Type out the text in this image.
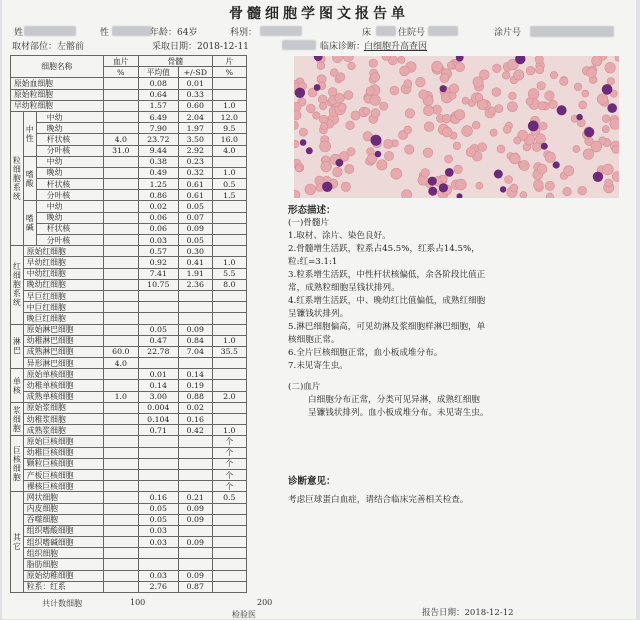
骨髓细胞学图文报告单
姓	性	年龄：64岁	科别：	床	住院号	涂片号
取材部位：左髂前	采取日期：2018-12-11	临床诊断：
白细胞升高查因
细胞名称			血片	骨髓		片
			%	平均值	+/-SD	%
原始血细胞				0.08	0.01	
原始粒细胞				0.64	0.33	
早幼粒细胞				1.57	0.60	1.0
粒细胞系统	中性	中幼		6.49	2.04	12.0
		晚幼		7.90	1.97	9.5
		杆状核	4.0	23.72	3.50	16.0
		分叶核	31.0	9.44	2.92	4.0
	嗜酸	中幼		0.38	0.23	
		晚幼		0.49	0.32	1.0
		杆状核		1.25	0.61	0.5
		分叶核		0.86	0.61	1.5
	嗜碱	中幼		0.02	0.05	
		晚幼		0.06	0.07	
		杆状核		0.06	0.09	
		分叶核		0.03	0.05	
红细胞系统	原始红细胞			0.57	0.30	
	早幼红细胞			0.92	0.41	1.0
	中幼红细胞			7.41	1.91	5.5
	晚幼红细胞			10.75	2.36	8.0
	早巨红细胞					
	中巨红细胞					
	晚巨红细胞					
淋巴	原始淋巴细胞			0.05	0.09	
	幼稚淋巴细胞			0.47	0.84	1.0
	成熟淋巴细胞		60.0	22.78	7.04	35.5
	异形淋巴细胞		4.0			
单核	原始单核细胞			0.01	0.14	
	幼稚单核细胞			0.14	0.19	
	成熟单核细胞		1.0	3.00	0.88	2.0
浆细胞	原始浆细胞			0.004	0.02	
	幼稚浆细胞			0.104	0.16	
	成熟浆细胞			0.71	0.42	1.0
巨核细胞	原始巨核细胞					个
	幼稚巨核细胞					个
	颗粒巨核细胞					个
	产板巨核细胞					个
	裸核巨核细胞					个
其它	网状细胞			0.16	0.21	0.5
	内皮细胞			0.05	0.09	
	吞噬细胞			0.05	0.09	
	组织嗜酸细胞			0.03		
	组织嗜碱细胞			0.03	0.09	
	组织细胞					
	脂肪细胞					
	原始幼稚细胞			0.03	0.09	
	粒系：红系			2.76	0.87	
共计数细胞	100	200
检验医
形态描述：
(一)骨髓片
1.取材、涂片、染色良好。
2.骨髓增生活跃，粒系占45.5%，红系占14.5%，
粒:红=3.1:1
3.粒系增生活跃，中性杆状核偏低，余各阶段比值正
常，成熟粒细胞呈钱状排列。
4.红系增生活跃，中、晚幼红比值偏低，成熟红细胞
呈镰钱状排列。
5.淋巴细胞偏高，可见幼淋及浆细胞样淋巴细胞，单
核细胞正常。
6.全片巨核细胞正常，血小板成堆分布。
7.未见寄生虫。
(二)血片
白细胞分布正常，分类可见异淋，成熟红细胞
呈镰钱状排列。血小板成堆分布。未见寄生虫。
诊断意见：
考虑巨球蛋白血症，请结合临床完善相关检查。
报告日期：2018-12-12
